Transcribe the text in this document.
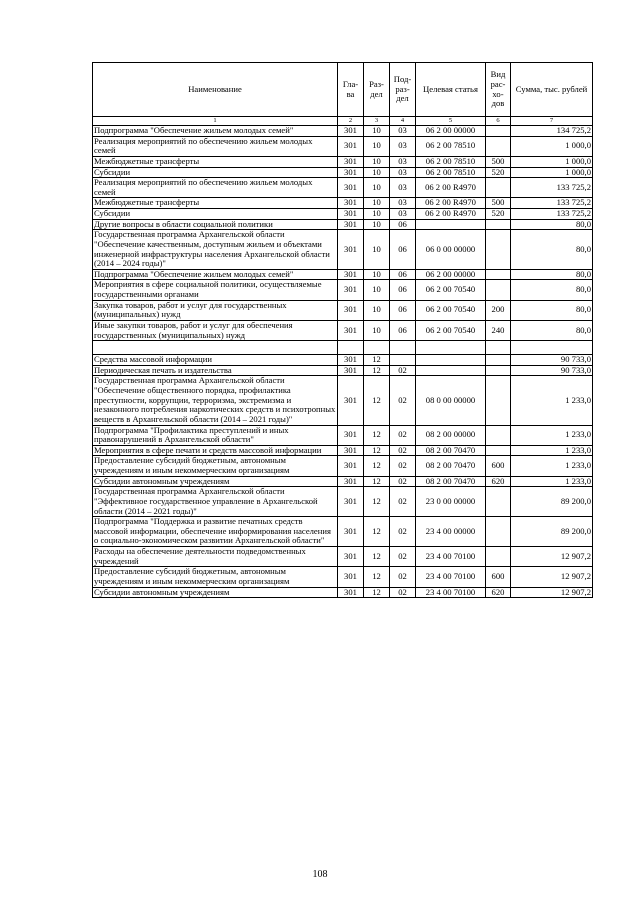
Наименование	Гла-ва	Раз-дел	Под-раз-дел	Целевая статья	Вид рас-хо-дов	Сумма, тыс. рублей
1	2	3	4	5	6	7
Подпрограмма "Обеспечение жильем молодых семей"	301	10	03	06 2 00 00000		134 725,2
Реализация мероприятий по обеспечению жильем молодых семей	301	10	03	06 2 00 78510		1 000,0
Межбюджетные трансферты	301	10	03	06 2 00 78510	500	1 000,0
Субсидии	301	10	03	06 2 00 78510	520	1 000,0
Реализация мероприятий по обеспечению жильем молодых семей	301	10	03	06 2 00 R4970		133 725,2
Межбюджетные трансферты	301	10	03	06 2 00 R4970	500	133 725,2
Субсидии	301	10	03	06 2 00 R4970	520	133 725,2
Другие вопросы в области социальной политики	301	10	06			80,0
Государственная программа Архангельской области "Обеспечение качественным, доступным жильем и объектами инженерной инфраструктуры населения Архангельской области (2014 – 2024 годы)"	301	10	06	06 0 00 00000		80,0
Подпрограмма "Обеспечение жильем молодых семей"	301	10	06	06 2 00 00000		80,0
Мероприятия в сфере социальной политики, осуществляемые государственными органами	301	10	06	06 2 00 70540		80,0
Закупка товаров, работ и услуг для государственных (муниципальных) нужд	301	10	06	06 2 00 70540	200	80,0
Иные закупки товаров, работ и услуг для обеспечения государственных (муниципальных) нужд	301	10	06	06 2 00 70540	240	80,0

Средства массовой информации	301	12				90 733,0
Периодическая печать и издательства	301	12	02			90 733,0
Государственная программа Архангельской области "Обеспечение общественного порядка, профилактика преступности, коррупции, терроризма, экстремизма и незаконного потребления наркотических средств и психотропных веществ в Архангельской области (2014 – 2021 годы)"	301	12	02	08 0 00 00000		1 233,0
Подпрограмма "Профилактика преступлений и иных правонарушений в Архангельской области"	301	12	02	08 2 00 00000		1 233,0
Мероприятия в сфере печати и средств массовой информации	301	12	02	08 2 00 70470		1 233,0
Предоставление субсидий бюджетным, автономным учреждениям и иным некоммерческим организациям	301	12	02	08 2 00 70470	600	1 233,0
Субсидии автономным учреждениям	301	12	02	08 2 00 70470	620	1 233,0
Государственная программа Архангельской области "Эффективное государственное управление в Архангельской области (2014 – 2021 годы)"	301	12	02	23 0 00 00000		89 200,0
Подпрограмма "Поддержка и развитие печатных средств массовой информации, обеспечение информирования населения о социально-экономическом развитии Архангельской области"	301	12	02	23 4 00 00000		89 200,0
Расходы на обеспечение деятельности подведомственных учреждений	301	12	02	23 4 00 70100		12 907,2
Предоставление субсидий бюджетным, автономным учреждениям и иным некоммерческим организациям	301	12	02	23 4 00 70100	600	12 907,2
Субсидии автономным учреждениям	301	12	02	23 4 00 70100	620	12 907,2
108
